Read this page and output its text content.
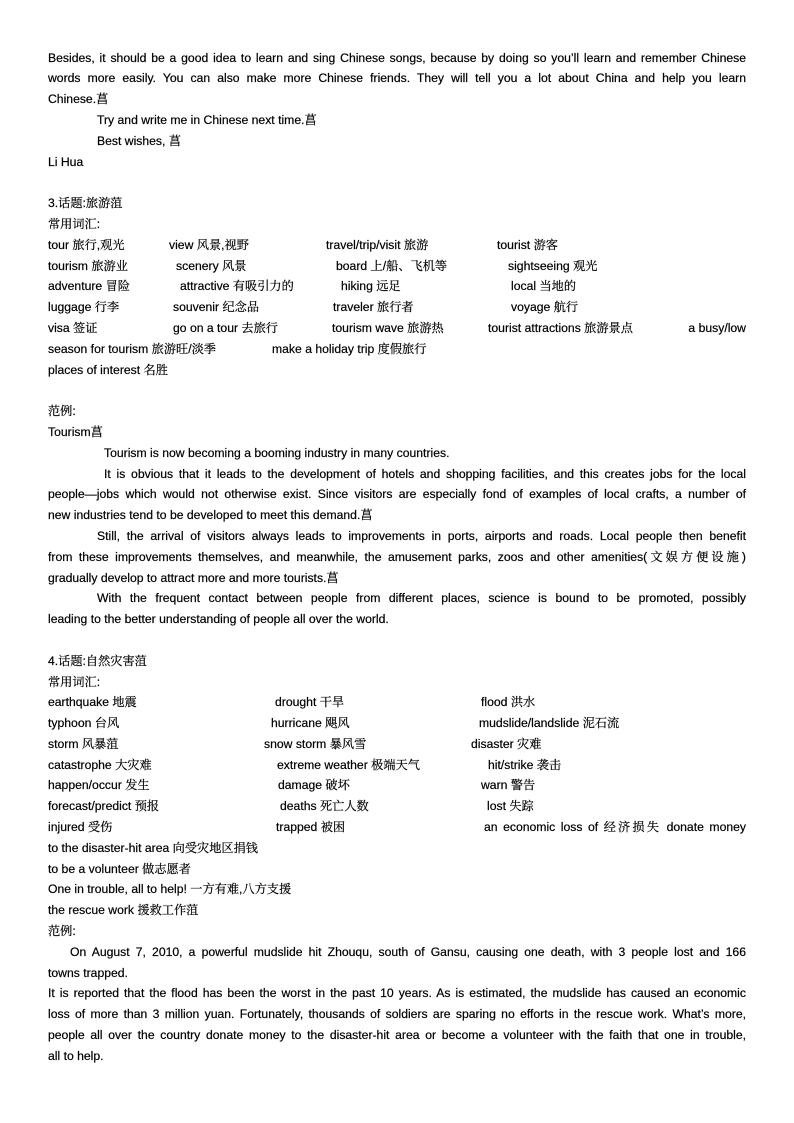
Besides, it should be a good idea to learn and sing Chinese songs, because by doing so you’ll learn and remember Chinese
words more easily. You can also make more Chinese friends. They will tell you a lot about China and help you learn
Chinese.菖
Try and write me in Chinese next time.菖
Best wishes, 菖
Li Hua
3.话题:旅游菹
常用词汇:
tour 旅行,观光	view 风景,视野	travel/trip/visit 旅游	tourist 游客
tourism 旅游业	scenery 风景	board 上/船、飞机等	sightseeing 观光
adventure 冒险	attractive 有吸引力的	hiking 远足	local 当地的
luggage 行李	souvenir 纪念品	traveler 旅行者	voyage 航行
visa 签证	go on a tour 去旅行	tourism wave 旅游热	tourist attractions 旅游景点	a busy/low
season for tourism 旅游旺/淡季	make a holiday trip 度假旅行
places of interest 名胜
范例:
Tourism菖
Tourism is now becoming a booming industry in many countries.
It is obvious that it leads to the development of hotels and shopping facilities, and this creates jobs for the local
people—jobs which would not otherwise exist. Since visitors are especially fond of examples of local crafts, a number of
new industries tend to be developed to meet this demand.菖
Still, the arrival of visitors always leads to improvements in ports, airports and roads. Local people then benefit
from these improvements themselves, and meanwhile, the amusement parks, zoos and other amenities(文娱方便设施)
gradually develop to attract more and more tourists.菖
With the frequent contact between people from different places, science is bound to be promoted, possibly
leading to the better understanding of people all over the world.
4.话题:自然灾害菹
常用词汇:
earthquake 地震	drought 干旱	flood 洪水
typhoon 台风	hurricane 飓风	mudslide/landslide 泥石流
storm 风暴菹	snow storm 暴风雪	disaster 灾难
catastrophe 大灾难	extreme weather 极端天气	hit/strike 袭击
happen/occur 发生	damage 破坏	warn 警告
forecast/predict 预报	deaths 死亡人数	lost 失踪
injured 受伤	trapped 被困	an economic loss of 经济损失 donate money
to the disaster-hit area 向受灾地区捐钱
to be a volunteer 做志愿者
One in trouble, all to help! 一方有难,八方支援
the rescue work 援救工作菹
范例:
On August 7, 2010, a powerful mudslide hit Zhouqu, south of Gansu, causing one death, with 3 people lost and 166
towns trapped.
It is reported that the flood has been the worst in the past 10 years. As is estimated, the mudslide has caused an economic
loss of more than 3 million yuan. Fortunately, thousands of soldiers are sparing no efforts in the rescue work. What’s more,
people all over the country donate money to the disaster-hit area or become a volunteer with the faith that one in trouble,
all to help.
